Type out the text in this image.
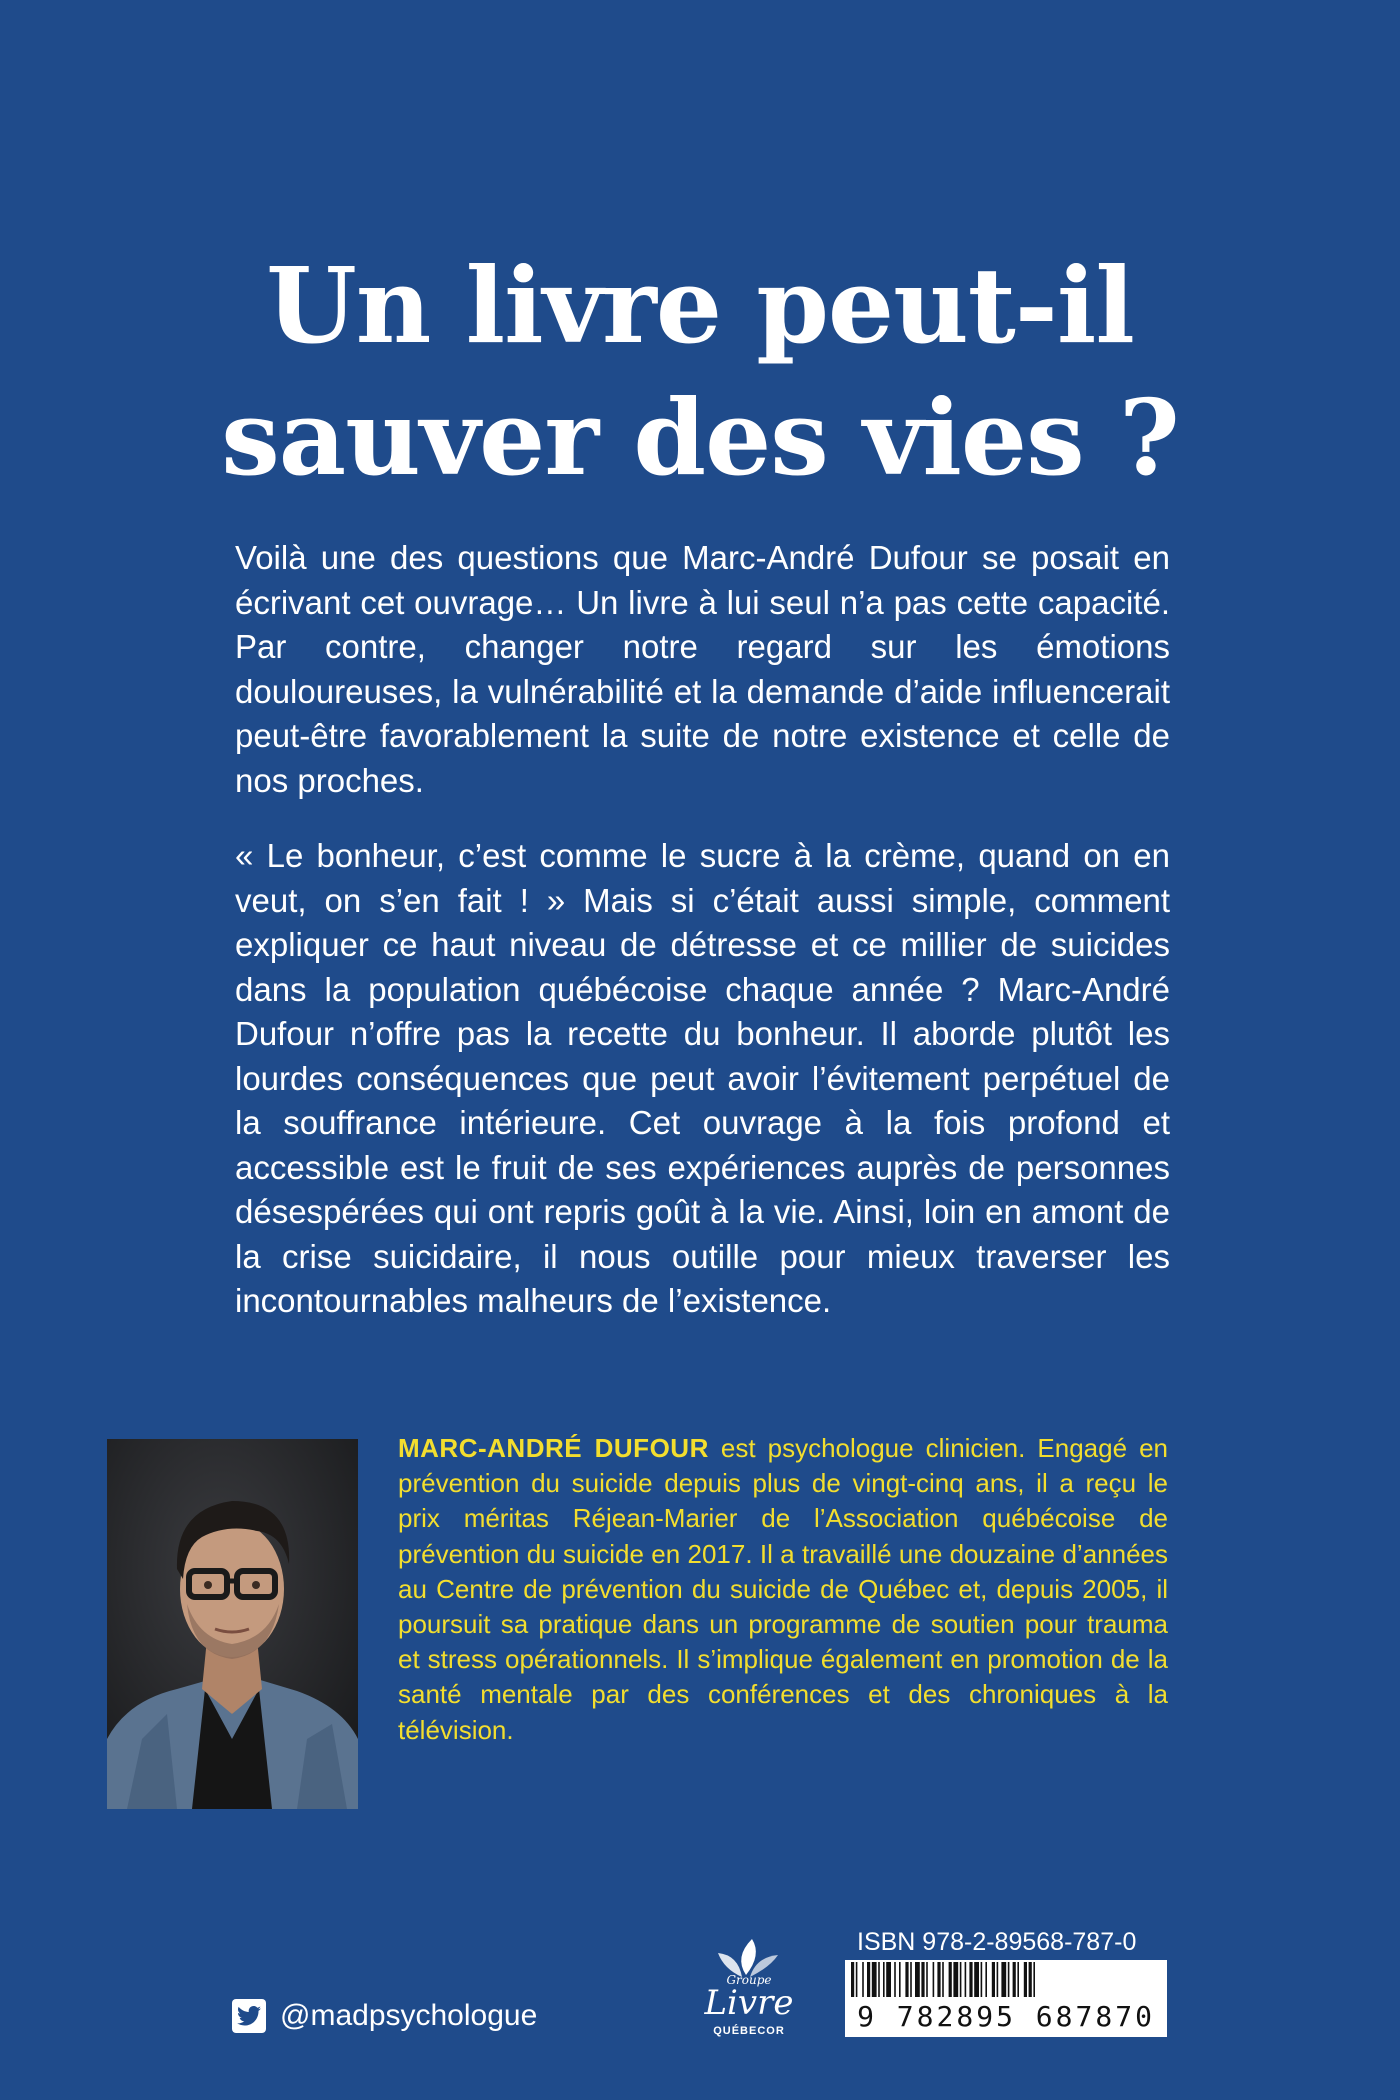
Un livre peut-il
sauver des vies ?
Voilà une des questions que Marc-André Dufour se posait en écrivant cet ouvrage… Un livre à lui seul n’a pas cette capacité. Par contre, changer notre regard sur les émotions douloureuses, la vulnérabilité et la demande d’aide influencerait peut-être favorablement la suite de notre existence et celle de nos proches.
« Le bonheur, c’est comme le sucre à la crème, quand on en veut, on s’en fait ! » Mais si c’était aussi simple, comment expliquer ce haut niveau de détresse et ce millier de suicides dans la population québécoise chaque année ? Marc-André Dufour n’offre pas la recette du bonheur. Il aborde plutôt les lourdes conséquences que peut avoir l’évitement perpétuel de la souffrance intérieure. Cet ouvrage à la fois profond et accessible est le fruit de ses expériences auprès de personnes désespérées qui ont repris goût à la vie. Ainsi, loin en amont de la crise suicidaire, il nous outille pour mieux traverser les incontournables malheurs de l’existence.
MARC-ANDRÉ DUFOUR est psychologue clinicien. Engagé en prévention du suicide depuis plus de vingt-cinq ans, il a reçu le prix méritas Réjean-Marier de l’Association québécoise de prévention du suicide en 2017. Il a travaillé une douzaine d’années au Centre de prévention du suicide de Québec et, depuis 2005, il poursuit sa pratique dans un programme de soutien pour trauma et stress opérationnels. Il s’implique également en promotion de la santé mentale par des conférences et des chroniques à la télévision.
@madpsychologue
Groupe
Livre
QUÉBECOR
ISBN 978-2-89568-787-0
9 782895 687870
